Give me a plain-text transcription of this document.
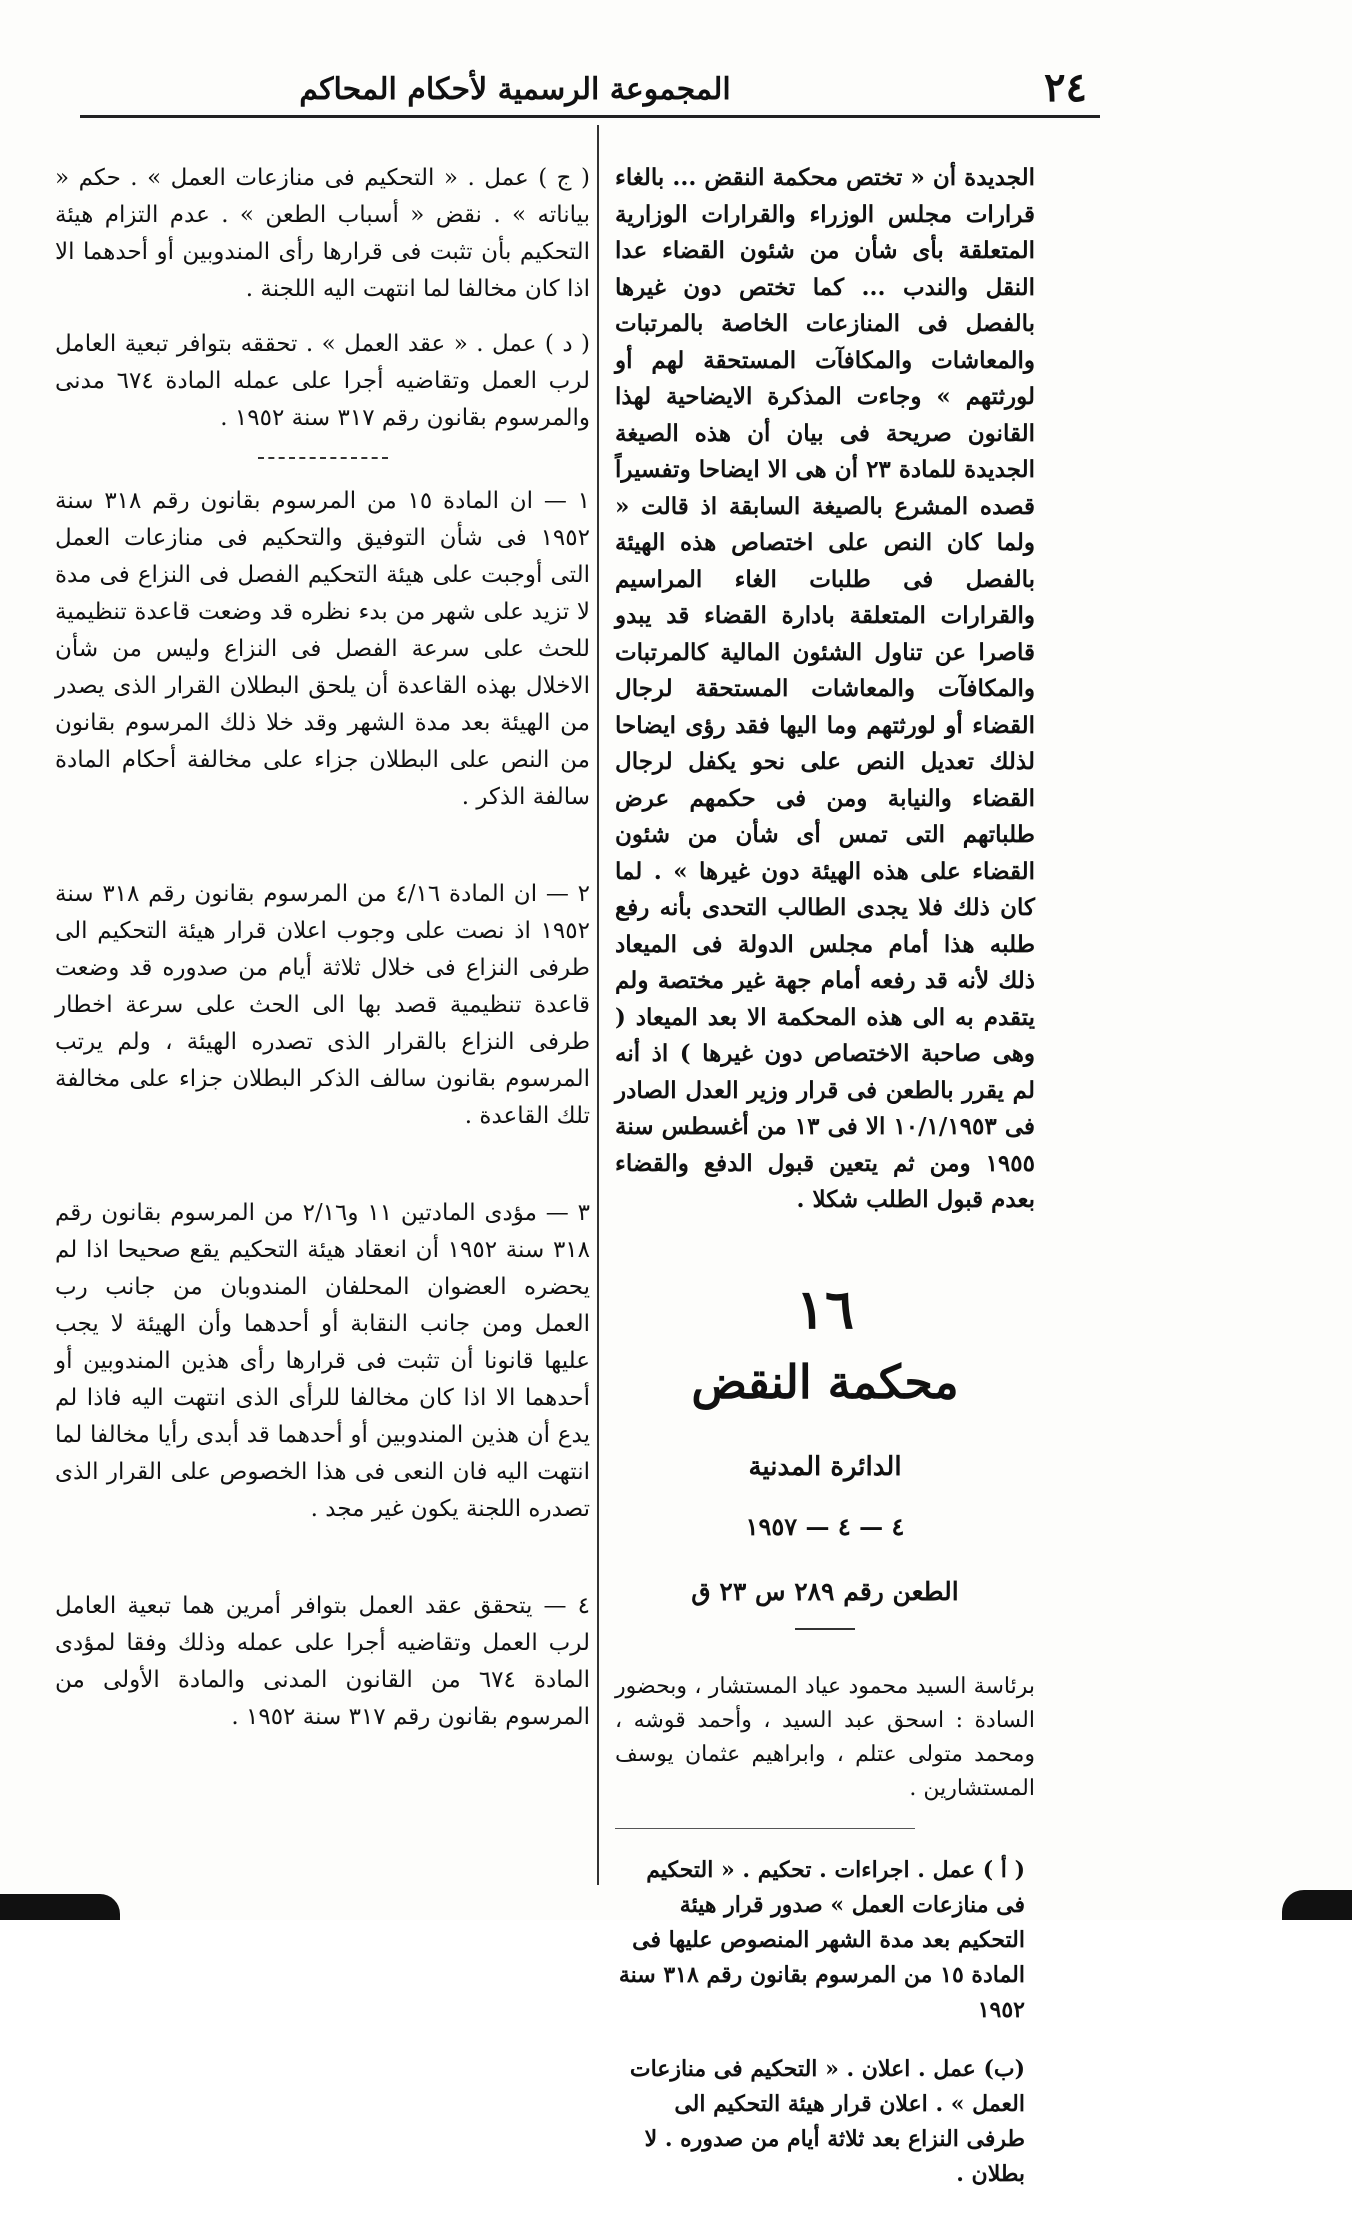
٢٤
المجموعة الرسمية لأحكام المحاكم

الجديدة أن « تختص محكمة النقض ... بالغاء قرارات مجلس الوزراء والقرارات الوزارية المتعلقة بأى شأن من شئون القضاء عدا النقل والندب ... كما تختص دون غيرها بالفصل فى المنازعات الخاصة بالمرتبات والمعاشات والمكافآت المستحقة لهم أو لورثتهم » وجاءت المذكرة الايضاحية لهذا القانون صريحة فى بيان أن هذه الصيغة الجديدة للمادة ٢٣ أن هى الا ايضاحا وتفسيراً قصده المشرع بالصيغة السابقة اذ قالت « ولما كان النص على اختصاص هذه الهيئة بالفصل فى طلبات الغاء المراسيم والقرارات المتعلقة بادارة القضاء قد يبدو قاصرا عن تناول الشئون المالية كالمرتبات والمكافآت والمعاشات المستحقة لرجال القضاء أو لورثتهم وما اليها فقد رؤى ايضاحا لذلك تعديل النص على نحو يكفل لرجال القضاء والنيابة ومن فى حكمهم عرض طلباتهم التى تمس أى شأن من شئون القضاء على هذه الهيئة دون غيرها » . لما كان ذلك فلا يجدى الطالب التحدى بأنه رفع طلبه هذا أمام مجلس الدولة فى الميعاد ذلك لأنه قد رفعه أمام جهة غير مختصة ولم يتقدم به الى هذه المحكمة الا بعد الميعاد ( وهى صاحبة الاختصاص دون غيرها ) اذ أنه لم يقرر بالطعن فى قرار وزير العدل الصادر فى ١٠/١/١٩٥٣ الا فى ١٣ من أغسطس سنة ١٩٥٥ ومن ثم يتعين قبول الدفع والقضاء بعدم قبول الطلب شكلا .

١٦
محكمة النقض
الدائرة المدنية
٤ — ٤ — ١٩٥٧
الطعن رقم ٢٨٩ س ٢٣ ق

برئاسة السيد محمود عياد المستشار ، وبحضور السادة : اسحق عبد السيد ، وأحمد قوشه ، ومحمد متولى عتلم ، وابراهيم عثمان يوسف المستشارين .

( أ ) عمل . اجراءات . تحكيم . « التحكيم فى منازعات العمل » صدور قرار هيئة التحكيم بعد مدة الشهر المنصوص عليها فى المادة ١٥ من المرسوم بقانون رقم ٣١٨ سنة ١٩٥٢

(ب) عمل . اعلان . « التحكيم فى منازعات العمل » . اعلان قرار هيئة التحكيم الى طرفى النزاع بعد ثلاثة أيام من صدوره . لا بطلان .

( ج ) عمل . « التحكيم فى منازعات العمل » . حكم « بياناته » . نقض « أسباب الطعن » . عدم التزام هيئة التحكيم بأن تثبت فى قرارها رأى المندوبين أو أحدهما الا اذا كان مخالفا لما انتهت اليه اللجنة .

( د ) عمل . « عقد العمل » . تحققه بتوافر تبعية العامل لرب العمل وتقاضيه أجرا على عمله المادة ٦٧٤ مدنى والمرسوم بقانون رقم ٣١٧ سنة ١٩٥٢ .

١ — ان المادة ١٥ من المرسوم بقانون رقم ٣١٨ سنة ١٩٥٢ فى شأن التوفيق والتحكيم فى منازعات العمل التى أوجبت على هيئة التحكيم الفصل فى النزاع فى مدة لا تزيد على شهر من بدء نظره قد وضعت قاعدة تنظيمية للحث على سرعة الفصل فى النزاع وليس من شأن الاخلال بهذه القاعدة أن يلحق البطلان القرار الذى يصدر من الهيئة بعد مدة الشهر وقد خلا ذلك المرسوم بقانون من النص على البطلان جزاء على مخالفة أحكام المادة سالفة الذكر .

٢ — ان المادة ٤/١٦ من المرسوم بقانون رقم ٣١٨ سنة ١٩٥٢ اذ نصت على وجوب اعلان قرار هيئة التحكيم الى طرفى النزاع فى خلال ثلاثة أيام من صدوره قد وضعت قاعدة تنظيمية قصد بها الى الحث على سرعة اخطار طرفى النزاع بالقرار الذى تصدره الهيئة ، ولم يرتب المرسوم بقانون سالف الذكر البطلان جزاء على مخالفة تلك القاعدة .

٣ — مؤدى المادتين ١١ و٢/١٦ من المرسوم بقانون رقم ٣١٨ سنة ١٩٥٢ أن انعقاد هيئة التحكيم يقع صحيحا اذا لم يحضره العضوان المحلفان المندوبان من جانب رب العمل ومن جانب النقابة أو أحدهما وأن الهيئة لا يجب عليها قانونا أن تثبت فى قرارها رأى هذين المندوبين أو أحدهما الا اذا كان مخالفا للرأى الذى انتهت اليه فاذا لم يدع أن هذين المندوبين أو أحدهما قد أبدى رأيا مخالفا لما انتهت اليه فان النعى فى هذا الخصوص على القرار الذى تصدره اللجنة يكون غير مجد .

٤ — يتحقق عقد العمل بتوافر أمرين هما تبعية العامل لرب العمل وتقاضيه أجرا على عمله وذلك وفقا لمؤدى المادة ٦٧٤ من القانون المدنى والمادة الأولى من المرسوم بقانون رقم ٣١٧ سنة ١٩٥٢ .
